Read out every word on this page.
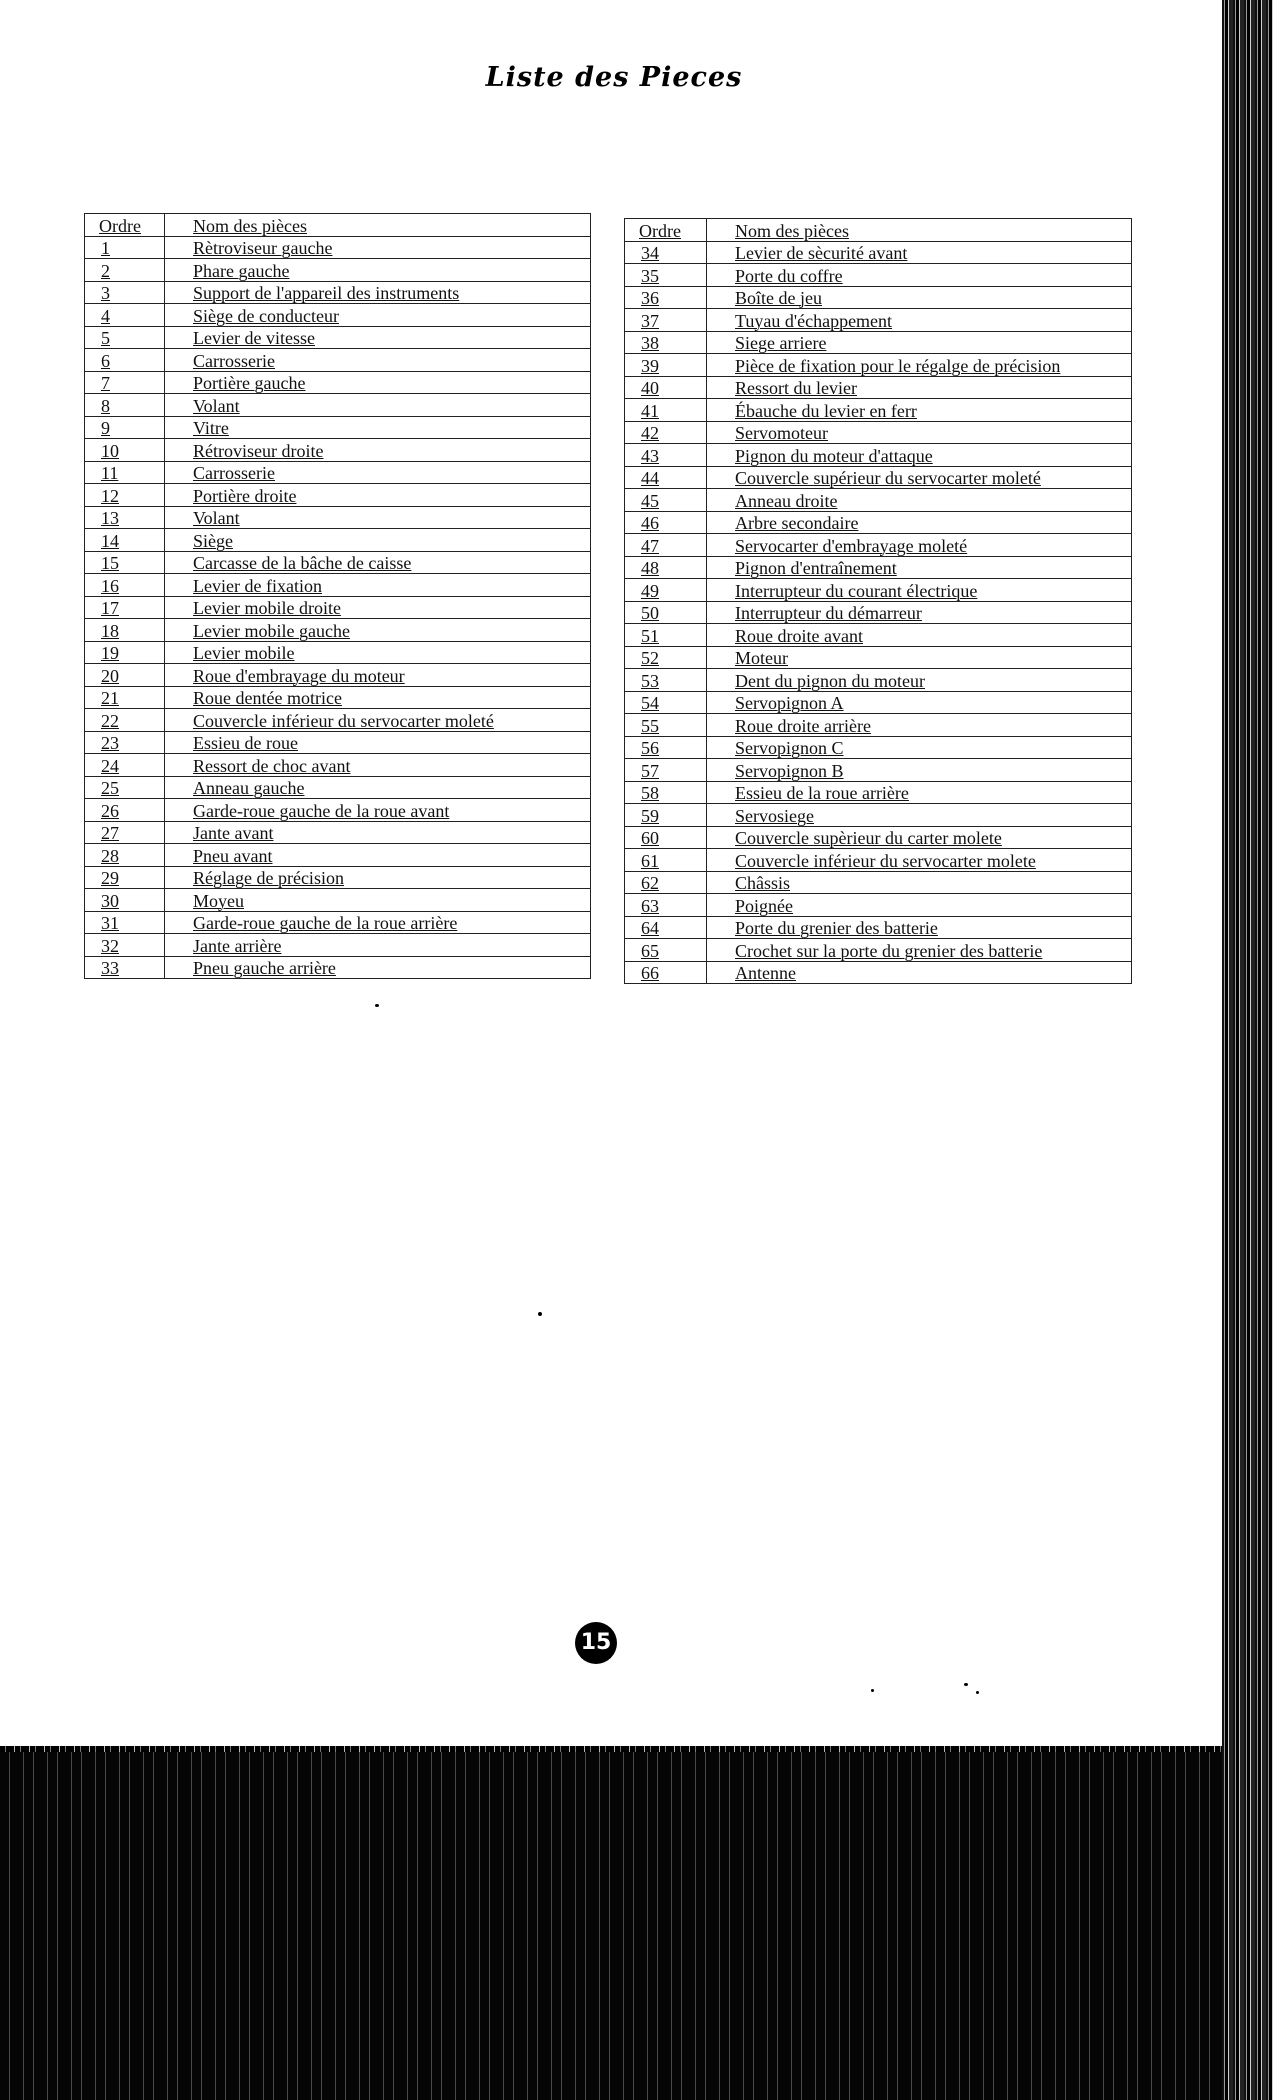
Liste des Pieces
Ordre	Nom des pièces
1	Rètroviseur gauche
2	Phare gauche
3	Support de l'appareil des instruments
4	Siège de conducteur
5	Levier de vitesse
6	Carrosserie
7	Portière gauche
8	Volant
9	Vitre
10	Rétroviseur droite
11	Carrosserie
12	Portière droite
13	Volant
14	Siège
15	Carcasse de la bâche de caisse
16	Levier de fixation
17	Levier mobile droite
18	Levier mobile gauche
19	Levier mobile
20	Roue d'embrayage du moteur
21	Roue dentée motrice
22	Couvercle inférieur du servocarter moleté
23	Essieu de roue
24	Ressort de choc avant
25	Anneau gauche
26	Garde-roue gauche de la roue avant
27	Jante avant
28	Pneu avant
29	Réglage de précision
30	Moyeu
31	Garde-roue gauche de la roue arrière
32	Jante arrière
33	Pneu gauche arrière
Ordre	Nom des pièces
34	Levier de sècurité avant
35	Porte du coffre
36	Boîte de jeu
37	Tuyau d'échappement
38	Siege arriere
39	Pièce de fixation pour le régalge de précision
40	Ressort du levier
41	Ébauche du levier en ferr
42	Servomoteur
43	Pignon du moteur d'attaque
44	Couvercle supérieur du servocarter moleté
45	Anneau droite
46	Arbre secondaire
47	Servocarter d'embrayage moleté
48	Pignon d'entraînement
49	Interrupteur du courant électrique
50	Interrupteur du démarreur
51	Roue droite avant
52	Moteur
53	Dent du pignon du moteur
54	Servopignon A
55	Roue droite arrière
56	Servopignon C
57	Servopignon B
58	Essieu de la roue arrière
59	Servosiege
60	Couvercle supèrieur du carter molete
61	Couvercle inférieur du servocarter molete
62	Châssis
63	Poignée
64	Porte du grenier des batterie
65	Crochet sur la porte du grenier des batterie
66	Antenne
15
